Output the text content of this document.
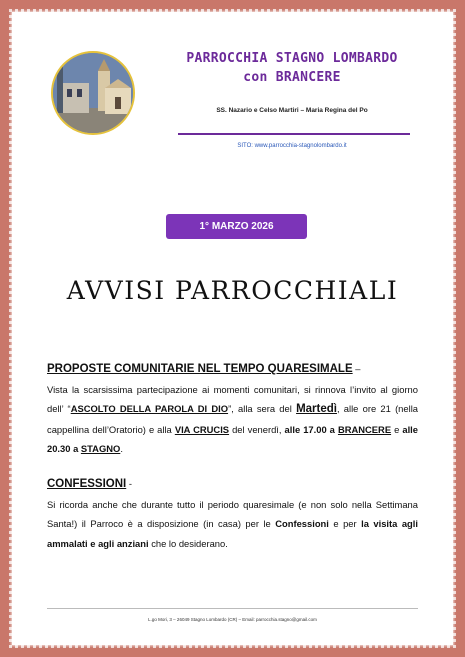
PARROCCHIA STAGNO LOMBARDO
con BRANCERE
SS. Nazario e Celso Martiri – Maria Regina del Po
SITO: www.parrocchia-stagnolombardo.it
1° MARZO 2026
AVVISI PARROCCHIALI
PROPOSTE COMUNITARIE NEL TEMPO QUARESIMALE –
Vista la scarsissima partecipazione ai momenti comunitari, si rinnova l’invito al giorno dell’ “ASCOLTO DELLA PAROLA DI DIO”, alla sera del Martedì, alle ore 21 (nella cappellina dell’Oratorio) e alla VIA CRUCIS del venerdì, alle 17.00 a BRANCERE e alle 20.30 a STAGNO.
CONFESSIONI -
Si ricorda anche che durante tutto il periodo quaresimale (e non solo nella Settimana Santa!) il Parroco è a disposizione (in casa) per le Confessioni e per la visita agli ammalati e agli anziani che lo desiderano.
L.go Mori, 3 – 26049 Stagno Lombardo (CR) – Email: parrocchia.stagno@gmail.com
